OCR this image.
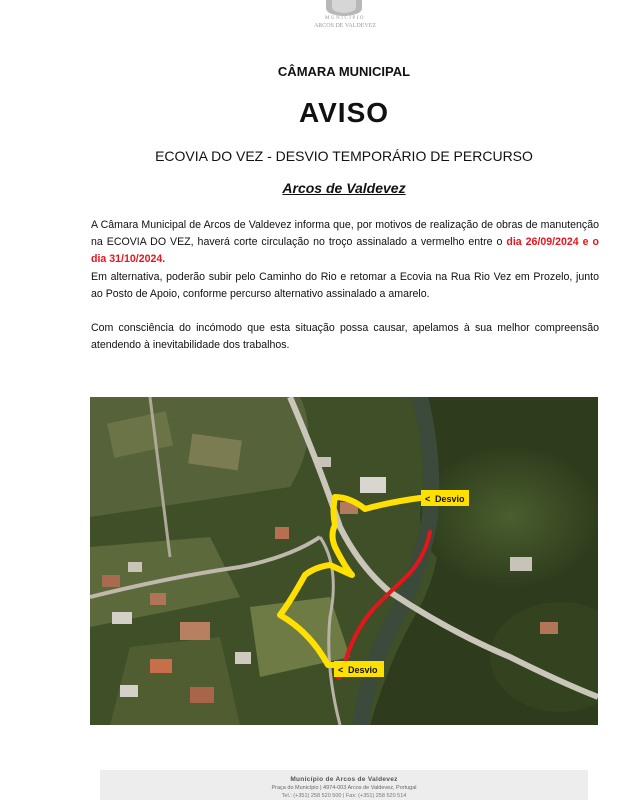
MUNICÍPIO
ARCOS DE VALDEVEZ
CÂMARA MUNICIPAL
AVISO
ECOVIA DO VEZ - DESVIO TEMPORÁRIO DE PERCURSO
Arcos de Valdevez
A Câmara Municipal de Arcos de Valdevez informa que, por motivos de realização de obras de manutenção na ECOVIA DO VEZ, haverá corte circulação no troço assinalado a vermelho entre o dia 26/09/2024 e o dia 31/10/2024.
Em alternativa, poderão subir pelo Caminho do Rio e retomar a Ecovia na Rua Rio Vez em Prozelo, junto ao Posto de Apoio, conforme percurso alternativo assinalado a amarelo.
Com consciência do incómodo que esta situação possa causar, apelamos à sua melhor compreensão atendendo à inevitabilidade dos trabalhos.
< Desvio
< Desvio
Município de Arcos de Valdevez
Praça do Município | 4974-003 Arcos de Valdevez, Portugal
Tel.: (+351) 258 520 500 | Fax: (+351) 258 520 514
